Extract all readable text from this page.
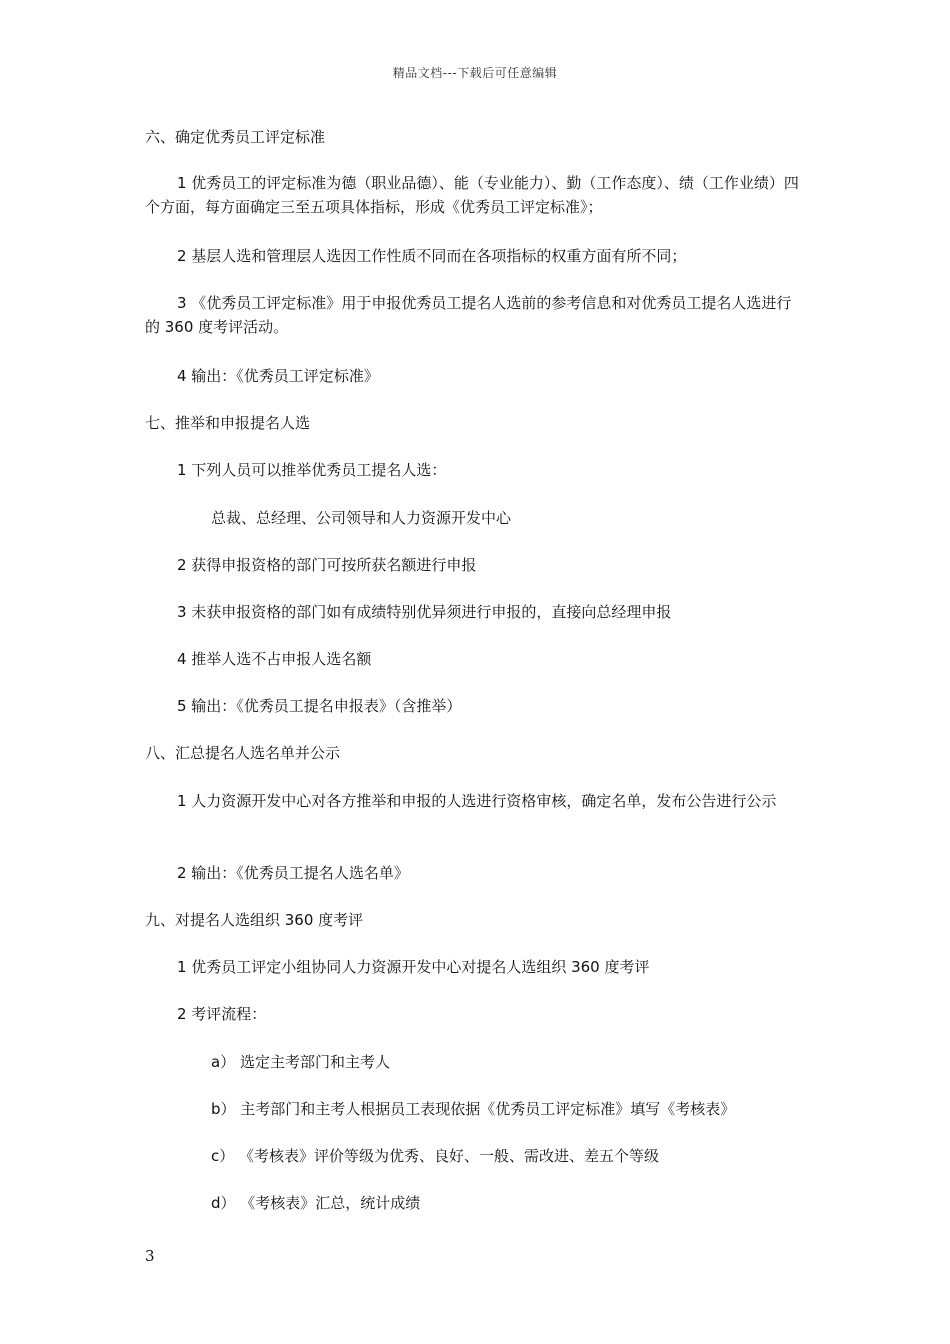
精品文档---下载后可任意编辑
六、确定优秀员工评定标准
1 优秀员工的评定标准为德（职业品德）、能（专业能力）、勤（工作态度）、绩（工作业绩）四个方面，每方面确定三至五项具体指标，形成《优秀员工评定标准》；
2 基层人选和管理层人选因工作性质不同而在各项指标的权重方面有所不同；
3 《优秀员工评定标准》用于申报优秀员工提名人选前的参考信息和对优秀员工提名人选进行的 360 度考评活动。
4 输出：《优秀员工评定标准》
七、推举和申报提名人选
1 下列人员可以推举优秀员工提名人选：
总裁、总经理、公司领导和人力资源开发中心
2 获得申报资格的部门可按所获名额进行申报
3 未获申报资格的部门如有成绩特别优异须进行申报的，直接向总经理申报
4 推举人选不占申报人选名额
5 输出：《优秀员工提名申报表》（含推举）
八、汇总提名人选名单并公示
1 人力资源开发中心对各方推举和申报的人选进行资格审核，确定名单，发布公告进行公示
2 输出：《优秀员工提名人选名单》
九、对提名人选组织 360 度考评
1 优秀员工评定小组协同人力资源开发中心对提名人选组织 360 度考评
2 考评流程：
a） 选定主考部门和主考人
b） 主考部门和主考人根据员工表现依据《优秀员工评定标准》填写《考核表》
c） 《考核表》评价等级为优秀、良好、一般、需改进、差五个等级
d） 《考核表》汇总，统计成绩
3
